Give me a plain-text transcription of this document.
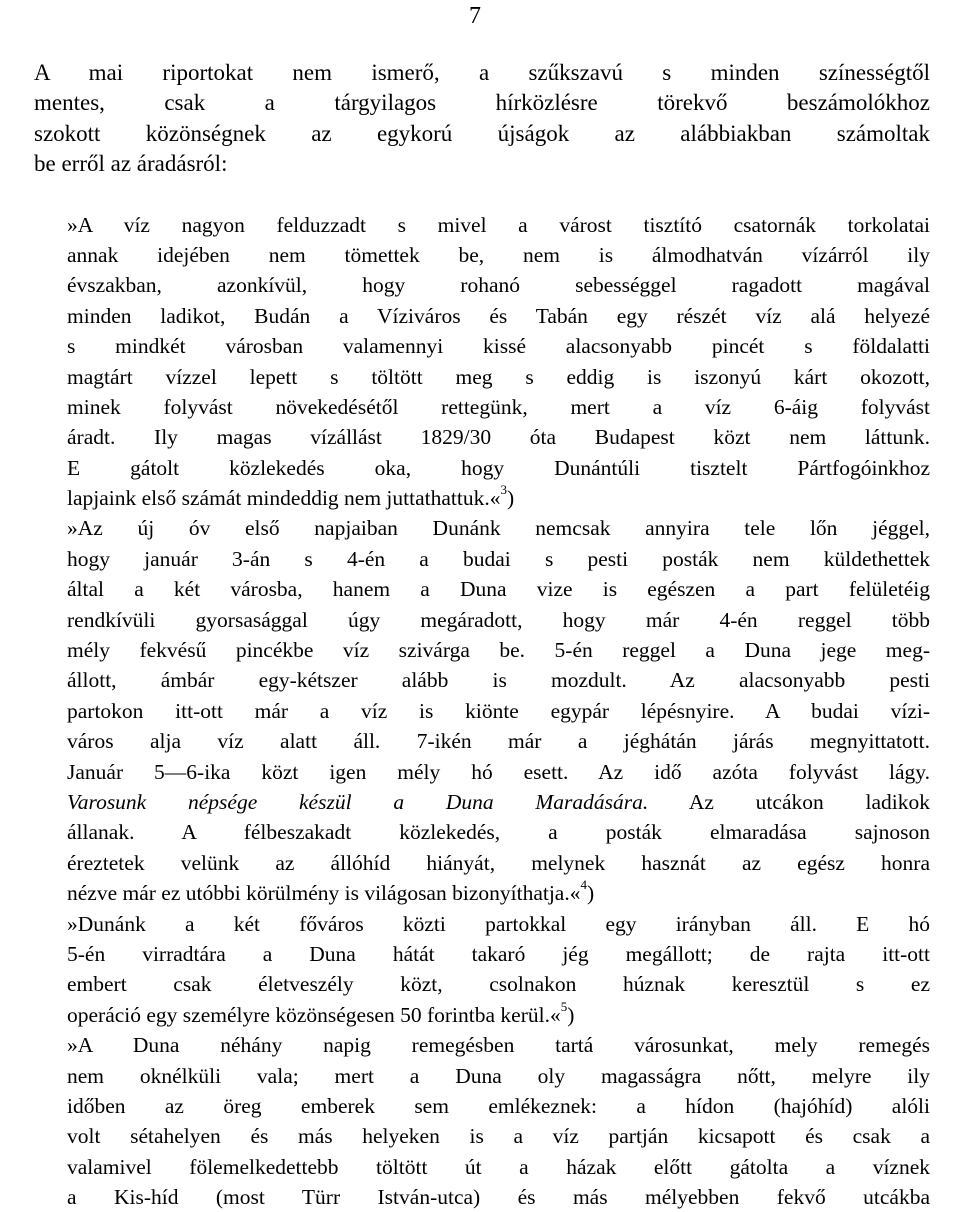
7
A mai riportokat nem ismerő, a szűkszavú s minden színességtől
mentes, csak a tárgyilagos hírközlésre törekvő beszámolókhoz
szokott közönségnek az egykorú újságok az alábbiakban számoltak
be erről az áradásról:
»A víz nagyon felduzzadt s mivel a várost tisztító csatornák torkolatai
annak idejében nem tömettek be, nem is álmodhatván vízárról ily
évszakban, azonkívül, hogy rohanó sebességgel ragadott magával
minden ladikot, Budán a Víziváros és Tabán egy részét víz alá helyezé
s mindkét városban valamennyi kissé alacsonyabb pincét s földalatti
magtárt vízzel lepett s töltött meg s eddig is iszonyú kárt okozott,
minek folyvást növekedésétől rettegünk, mert a víz 6-áig folyvást
áradt. Ily magas vízállást 1829/30 óta Budapest közt nem láttunk.
E gátolt közlekedés oka, hogy Dunántúli tisztelt Pártfogóinkhoz
lapjaink első számát mindeddig nem juttathattuk.«$^3$)
»Az új óv első napjaiban Dunánk nemcsak annyira tele lőn jéggel,
hogy január 3-án s 4-én a budai s pesti posták nem küldethettek
által a két városba, hanem a Duna vize is egészen a part felületéig
rendkívüli gyorsasággal úgy megáradott, hogy már 4-én reggel több
mély fekvésű pincékbe víz szivárga be. 5-én reggel a Duna jege meg-
állott, ámbár egy-kétszer alább is mozdult. Az alacsonyabb pesti
partokon itt-ott már a víz is kiönte egypár lépésnyire. A budai vízi-
város alja víz alatt áll. 7-ikén már a jéghátán járás megnyittatott.
Január 5—6-ika közt igen mély hó esett. Az idő azóta folyvást lágy.
Varosunk népsége készül a Duna Maradására. Az utcákon ladikok
állanak. A félbeszakadt közlekedés, a posták elmaradása sajnoson
éreztetek velünk az állóhíd hiányát, melynek hasznát az egész honra
nézve már ez utóbbi körülmény is világosan bizonyíthatja.«$^4$)
»Dunánk a két főváros közti partokkal egy irányban áll. E hó
5-én virradtára a Duna hátát takaró jég megállott; de rajta itt-ott
embert csak életveszély közt, csolnakon húznak keresztül s ez
operáció egy személyre közönségesen 50 forintba kerül.«$^5$)
»A Duna néhány napig remegésben tartá városunkat, mely remegés
nem oknélküli vala; mert a Duna oly magasságra nőtt, melyre ily
időben az öreg emberek sem emlékeznek: a hídon (hajóhíd) alóli
volt sétahelyen és más helyeken is a víz partján kicsapott és csak a
valamivel fölemelkedettebb töltött út a házak előtt gátolta a víznek
a Kis-híd (most Türr István-utca) és más mélyebben fekvő utcákba
